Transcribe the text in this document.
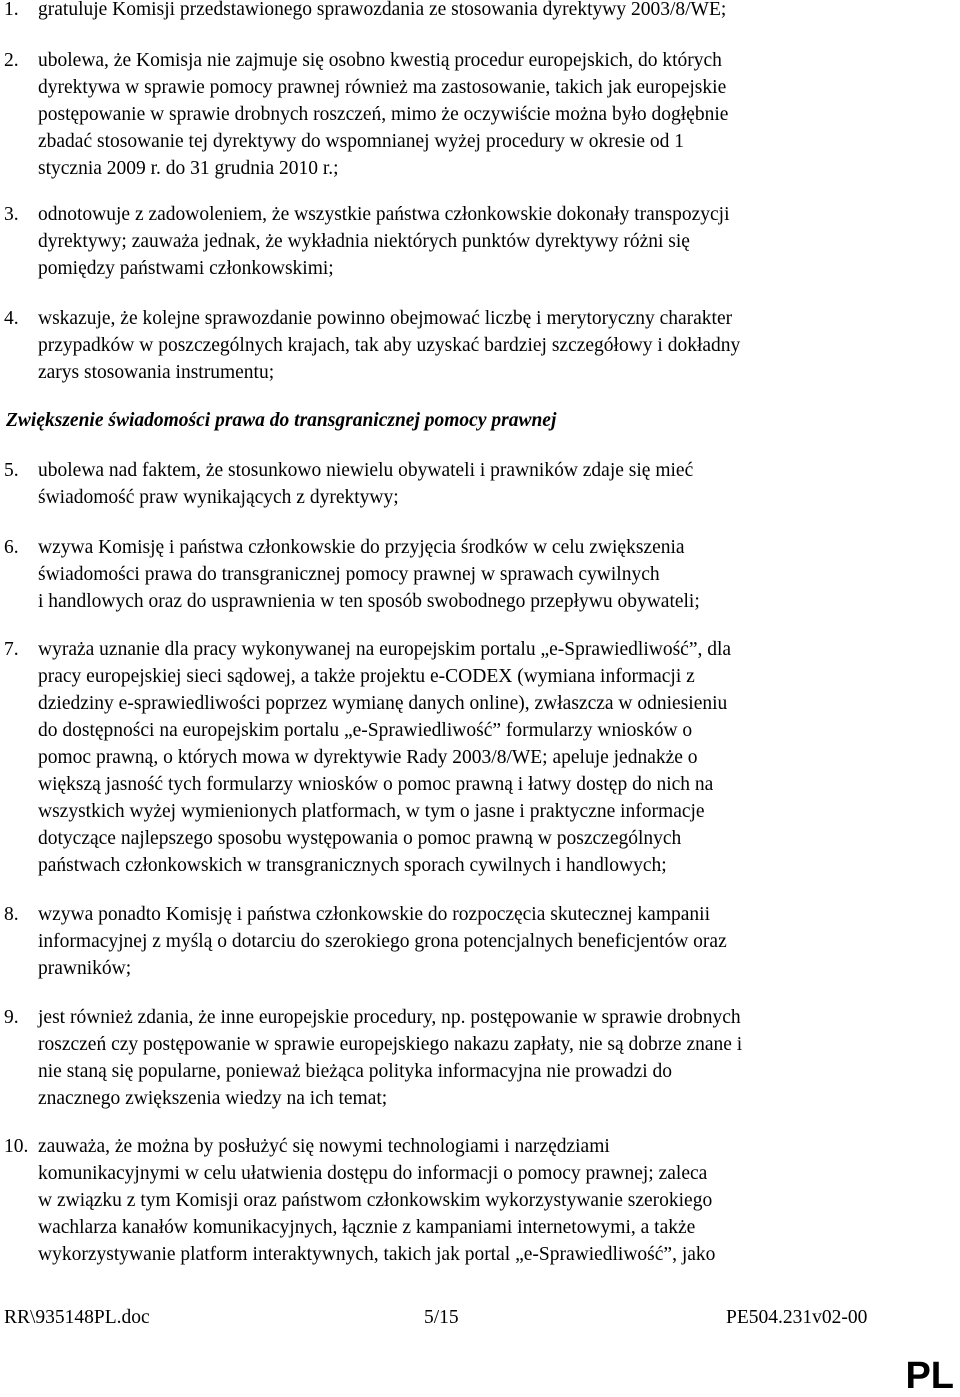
1. gratuluje Komisji przedstawionego sprawozdania ze stosowania dyrektywy 2003/8/WE;
2. ubolewa, że Komisja nie zajmuje się osobno kwestią procedur europejskich, do których
dyrektywa w sprawie pomocy prawnej również ma zastosowanie, takich jak europejskie
postępowanie w sprawie drobnych roszczeń, mimo że oczywiście można było dogłębnie
zbadać stosowanie tej dyrektywy do wspomnianej wyżej procedury w okresie od 1
stycznia 2009 r. do 31 grudnia 2010 r.;
3. odnotowuje z zadowoleniem, że wszystkie państwa członkowskie dokonały transpozycji
dyrektywy; zauważa jednak, że wykładnia niektórych punktów dyrektywy różni się
pomiędzy państwami członkowskimi;
4. wskazuje, że kolejne sprawozdanie powinno obejmować liczbę i merytoryczny charakter
przypadków w poszczególnych krajach, tak aby uzyskać bardziej szczegółowy i dokładny
zarys stosowania instrumentu;
Zwiększenie świadomości prawa do transgranicznej pomocy prawnej
5. ubolewa nad faktem, że stosunkowo niewielu obywateli i prawników zdaje się mieć
świadomość praw wynikających z dyrektywy;
6. wzywa Komisję i państwa członkowskie do przyjęcia środków w celu zwiększenia
świadomości prawa do transgranicznej pomocy prawnej w sprawach cywilnych
i handlowych oraz do usprawnienia w ten sposób swobodnego przepływu obywateli;
7. wyraża uznanie dla pracy wykonywanej na europejskim portalu „e-Sprawiedliwość”, dla
pracy europejskiej sieci sądowej, a także projektu e-CODEX (wymiana informacji z
dziedziny e-sprawiedliwości poprzez wymianę danych online), zwłaszcza w odniesieniu
do dostępności na europejskim portalu „e-Sprawiedliwość” formularzy wniosków o
pomoc prawną, o których mowa w dyrektywie Rady 2003/8/WE; apeluje jednakże o
większą jasność tych formularzy wniosków o pomoc prawną i łatwy dostęp do nich na
wszystkich wyżej wymienionych platformach, w tym o jasne i praktyczne informacje
dotyczące najlepszego sposobu występowania o pomoc prawną w poszczególnych
państwach członkowskich w transgranicznych sporach cywilnych i handlowych;
8. wzywa ponadto Komisję i państwa członkowskie do rozpoczęcia skutecznej kampanii
informacyjnej z myślą o dotarciu do szerokiego grona potencjalnych beneficjentów oraz
prawników;
9. jest również zdania, że inne europejskie procedury, np. postępowanie w sprawie drobnych
roszczeń czy postępowanie w sprawie europejskiego nakazu zapłaty, nie są dobrze znane i
nie staną się popularne, ponieważ bieżąca polityka informacyjna nie prowadzi do
znacznego zwiększenia wiedzy na ich temat;
10. zauważa, że można by posłużyć się nowymi technologiami i narzędziami
komunikacyjnymi w celu ułatwienia dostępu do informacji o pomocy prawnej; zaleca
w związku z tym Komisji oraz państwom członkowskim wykorzystywanie szerokiego
wachlarza kanałów komunikacyjnych, łącznie z kampaniami internetowymi, a także
wykorzystywanie platform interaktywnych, takich jak portal „e-Sprawiedliwość”, jako
RR\935148PL.doc	5/15	PE504.231v02-00
PL
